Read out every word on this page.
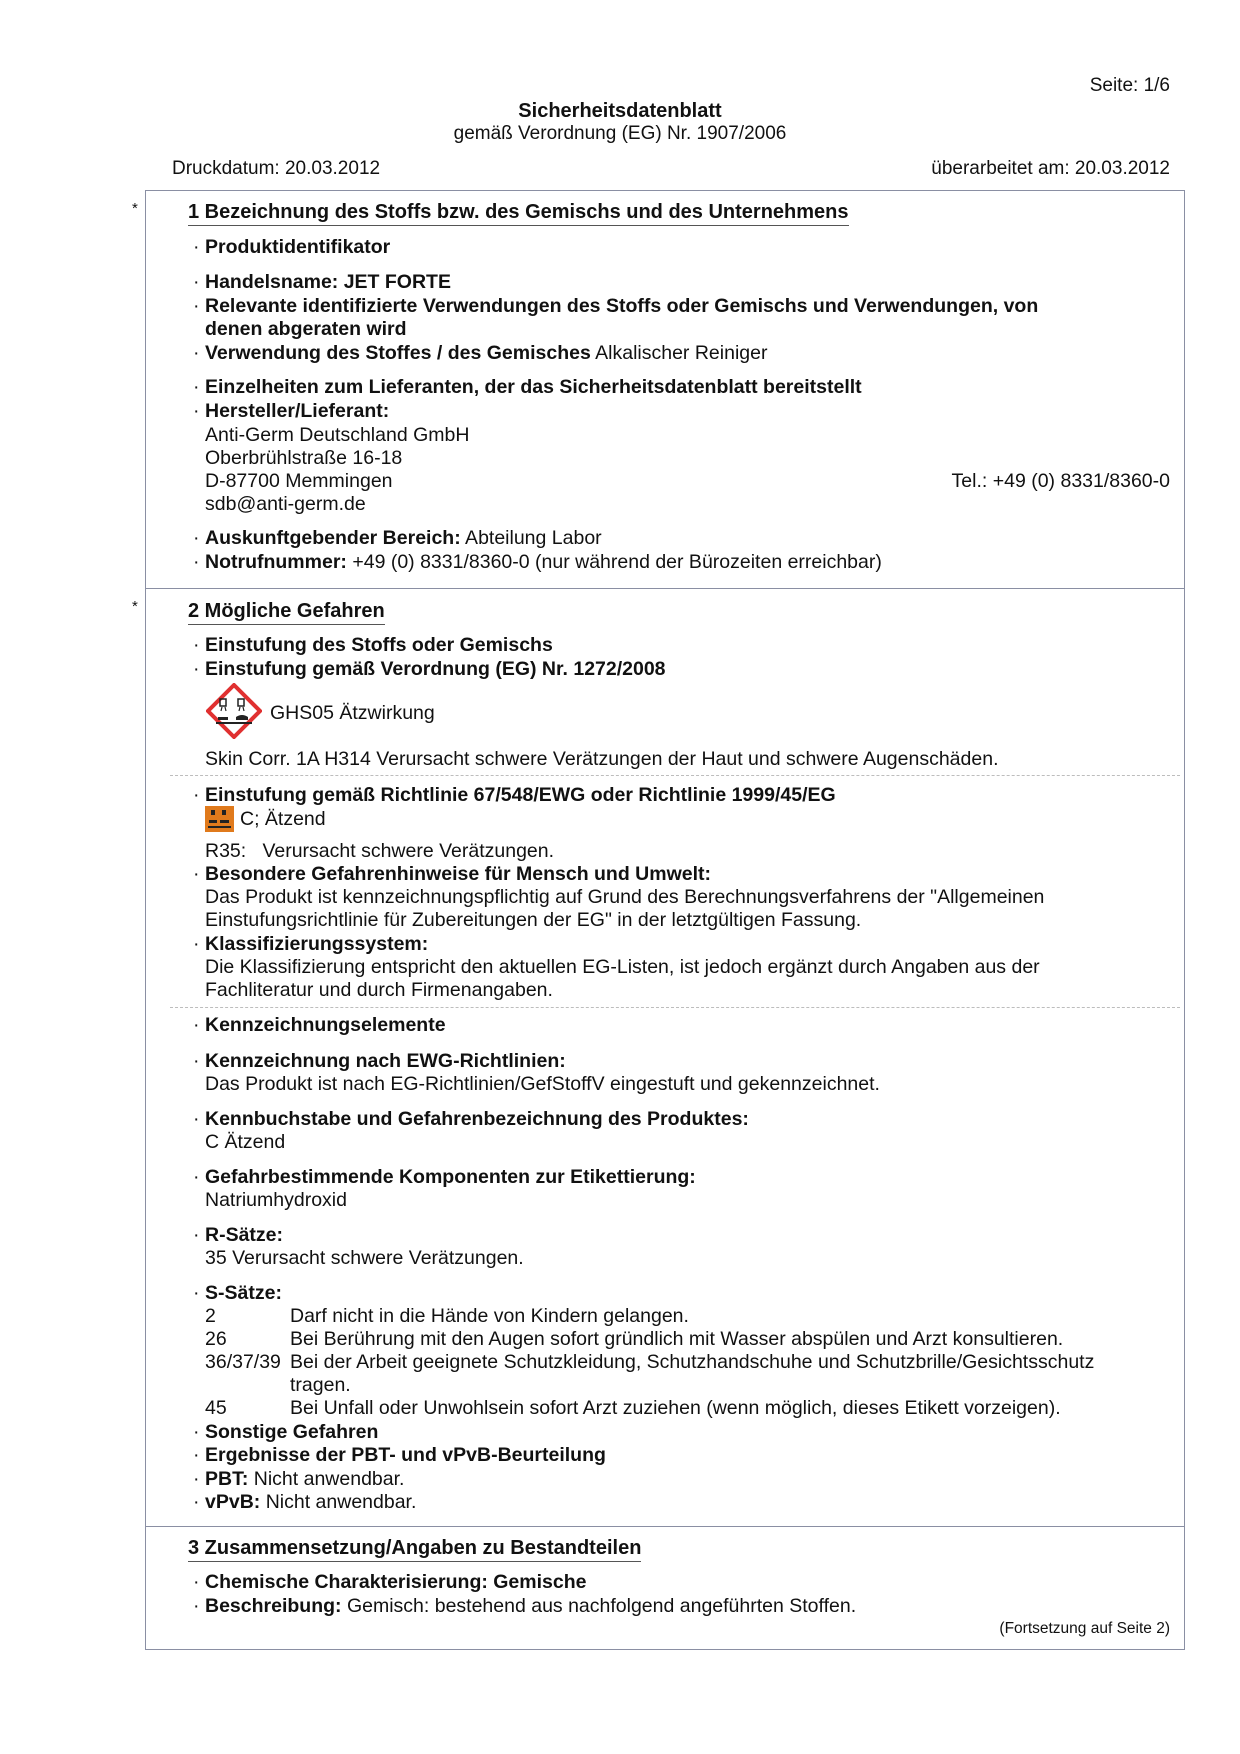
Seite: 1/6
Sicherheitsdatenblatt
gemäß Verordnung (EG) Nr. 1907/2006
Druckdatum: 20.03.2012	überarbeitet am: 20.03.2012
*	1 Bezeichnung des Stoffs bzw. des Gemischs und des Unternehmens
· Produktidentifikator
· Handelsname: JET FORTE
· Relevante identifizierte Verwendungen des Stoffs oder Gemischs und Verwendungen, von
denen abgeraten wird
· Verwendung des Stoffes / des Gemisches Alkalischer Reiniger
· Einzelheiten zum Lieferanten, der das Sicherheitsdatenblatt bereitstellt
· Hersteller/Lieferant:
Anti-Germ Deutschland GmbH
Oberbrühlstraße 16-18
D-87700 Memmingen	Tel.: +49 (0) 8331/8360-0
sdb@anti-germ.de
· Auskunftgebender Bereich: Abteilung Labor
· Notrufnummer: +49 (0) 8331/8360-0 (nur während der Bürozeiten erreichbar)
*	2 Mögliche Gefahren
· Einstufung des Stoffs oder Gemischs
· Einstufung gemäß Verordnung (EG) Nr. 1272/2008
GHS05 Ätzwirkung
Skin Corr. 1A H314 Verursacht schwere Verätzungen der Haut und schwere Augenschäden.
· Einstufung gemäß Richtlinie 67/548/EWG oder Richtlinie 1999/45/EG
C; Ätzend
R35:   Verursacht schwere Verätzungen.
· Besondere Gefahrenhinweise für Mensch und Umwelt:
Das Produkt ist kennzeichnungspflichtig auf Grund des Berechnungsverfahrens der "Allgemeinen
Einstufungsrichtlinie für Zubereitungen der EG" in der letztgültigen Fassung.
· Klassifizierungssystem:
Die Klassifizierung entspricht den aktuellen EG-Listen, ist jedoch ergänzt durch Angaben aus der
Fachliteratur und durch Firmenangaben.
· Kennzeichnungselemente
· Kennzeichnung nach EWG-Richtlinien:
Das Produkt ist nach EG-Richtlinien/GefStoffV eingestuft und gekennzeichnet.
· Kennbuchstabe und Gefahrenbezeichnung des Produktes:
C Ätzend
· Gefahrbestimmende Komponenten zur Etikettierung:
Natriumhydroxid
· R-Sätze:
35 Verursacht schwere Verätzungen.
· S-Sätze:
2	Darf nicht in die Hände von Kindern gelangen.
26	Bei Berührung mit den Augen sofort gründlich mit Wasser abspülen und Arzt konsultieren.
36/37/39 Bei der Arbeit geeignete Schutzkleidung, Schutzhandschuhe und Schutzbrille/Gesichtsschutz
tragen.
45	Bei Unfall oder Unwohlsein sofort Arzt zuziehen (wenn möglich, dieses Etikett vorzeigen).
· Sonstige Gefahren
· Ergebnisse der PBT- und vPvB-Beurteilung
· PBT: Nicht anwendbar.
· vPvB: Nicht anwendbar.
3 Zusammensetzung/Angaben zu Bestandteilen
· Chemische Charakterisierung: Gemische
· Beschreibung: Gemisch: bestehend aus nachfolgend angeführten Stoffen.
(Fortsetzung auf Seite 2)
